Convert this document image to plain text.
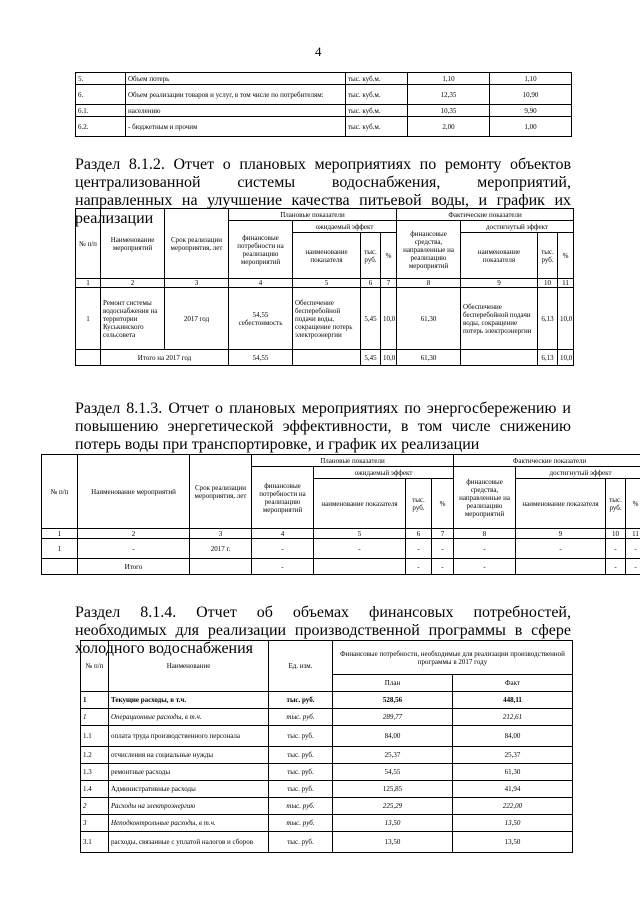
4
5.	Объем потерь	тыс. куб.м.	1,10	1,10
6.	Объем реализации товаров и услуг, в том числе по потребителям:	тыс. куб.м.	12,35	10,90
6.1.	населению	тыс. куб.м.	10,35	9,90
6.2.	- бюджетным и прочим	тыс. куб.м.	2,00	1,00
Раздел 8.1.2. Отчет о плановых мероприятиях по ремонту объектов централизованной системы водоснабжения, мероприятий, направленных на улучшение качества питьевой воды, и график их реализации
№ п/п	Наименование мероприятий	Срок реализации мероприятия, лет	Плановые показатели				Фактические показатели			
			финансовые потребности на реализацию мероприятий	ожидаемый эффект			финансовые средства, направленные на реализацию мероприятий	достигнутый эффект		
				наименование показателя	тыс. руб.	%		наименование показателя	тыс. руб.	%
1	2	3	4	5	6	7	8	9	10	11
1	Ремонт системы водоснабжения на территории Куськинского сельсовета	2017 год	54,55 себестоимость	Обеспечение бесперебойной подачи воды, сокращение потерь электроэнергии	5,45	10,0	61,30	Обеспечение бесперебойной подачи воды, сокращение потерь электроэнергии	6,13	10,0
	Итого на 2017 год		54,55		5,45	10,0	61,30		6,13	10,0
Раздел 8.1.3. Отчет о плановых мероприятиях по энергосбережению и повышению энергетической эффективности, в том числе снижению потерь воды при транспортировке, и график их реализации
№ п/п	Наименование мероприятий	Срок реализации мероприятия, лет	Плановые показатели				Фактические показатели			
			финансовые потребности на реализацию мероприятий	ожидаемый эффект			финансовые средства, направленные на реализацию мероприятий	достигнутый эффект		
				наименование показателя	тыс. руб.	%		наименование показателя	тыс. руб.	%
1	2	3	4	5	6	7	8	9	10	11
1	-	2017 г.	-	-	-	-	-	-	-	-
	Итого		-		-	-	-		-	-
Раздел 8.1.4. Отчет об объемах финансовых потребностей, необходимых для реализации производственной программы в сфере холодного водоснабжения
№ п/п	Наименование	Ед. изм.	Финансовые потребности, необходимые для реализации производственной программы в 2017 году	
			План	Факт
1	Текущие расходы, в т.ч.	тыс. руб.	528,56	448,11
1	Операционные расходы, в т.ч.	тыс. руб.	289,77	212,61
1.1	оплата труда производственного персонала	тыс. руб.	84,00	84,00
1.2	отчисления на социальные нужды	тыс. руб.	25,37	25,37
1.3	ремонтные расходы	тыс. руб.	54,55	61,30
1.4	Административные расходы	тыс. руб.	125,85	41,94
2	Расходы на электроэнергию	тыс. руб.	225,29	222,00
3	Неподконтрольные расходы, в т.ч.	тыс. руб.	13,50	13,50
3.1	расходы, связанные с уплатой налогов и сборов	тыс. руб.	13,50	13,50
